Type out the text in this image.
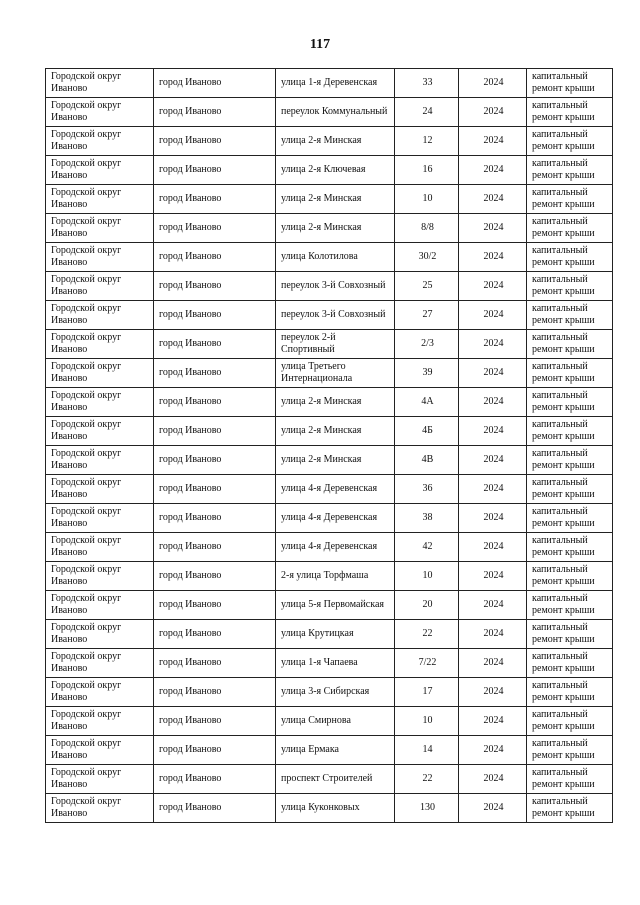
117
Городской округ Иваново	город Иваново	улица 1-я Деревенская	33	2024	капитальный ремонт крыши
Городской округ Иваново	город Иваново	переулок Коммунальный	24	2024	капитальный ремонт крыши
Городской округ Иваново	город Иваново	улица 2-я Минская	12	2024	капитальный ремонт крыши
Городской округ Иваново	город Иваново	улица 2-я Ключевая	16	2024	капитальный ремонт крыши
Городской округ Иваново	город Иваново	улица 2-я Минская	10	2024	капитальный ремонт крыши
Городской округ Иваново	город Иваново	улица 2-я Минская	8/8	2024	капитальный ремонт крыши
Городской округ Иваново	город Иваново	улица Колотилова	30/2	2024	капитальный ремонт крыши
Городской округ Иваново	город Иваново	переулок 3-й Совхозный	25	2024	капитальный ремонт крыши
Городской округ Иваново	город Иваново	переулок 3-й Совхозный	27	2024	капитальный ремонт крыши
Городской округ Иваново	город Иваново	переулок 2-й Спортивный	2/3	2024	капитальный ремонт крыши
Городской округ Иваново	город Иваново	улица Третьего Интернационала	39	2024	капитальный ремонт крыши
Городской округ Иваново	город Иваново	улица 2-я Минская	4А	2024	капитальный ремонт крыши
Городской округ Иваново	город Иваново	улица 2-я Минская	4Б	2024	капитальный ремонт крыши
Городской округ Иваново	город Иваново	улица 2-я Минская	4В	2024	капитальный ремонт крыши
Городской округ Иваново	город Иваново	улица 4-я Деревенская	36	2024	капитальный ремонт крыши
Городской округ Иваново	город Иваново	улица 4-я Деревенская	38	2024	капитальный ремонт крыши
Городской округ Иваново	город Иваново	улица 4-я Деревенская	42	2024	капитальный ремонт крыши
Городской округ Иваново	город Иваново	2-я улица Торфмаша	10	2024	капитальный ремонт крыши
Городской округ Иваново	город Иваново	улица 5-я Первомайская	20	2024	капитальный ремонт крыши
Городской округ Иваново	город Иваново	улица Крутицкая	22	2024	капитальный ремонт крыши
Городской округ Иваново	город Иваново	улица 1-я Чапаева	7/22	2024	капитальный ремонт крыши
Городской округ Иваново	город Иваново	улица 3-я Сибирская	17	2024	капитальный ремонт крыши
Городской округ Иваново	город Иваново	улица Смирнова	10	2024	капитальный ремонт крыши
Городской округ Иваново	город Иваново	улица Ермака	14	2024	капитальный ремонт крыши
Городской округ Иваново	город Иваново	проспект Строителей	22	2024	капитальный ремонт крыши
Городской округ Иваново	город Иваново	улица Куконковых	130	2024	капитальный ремонт крыши
